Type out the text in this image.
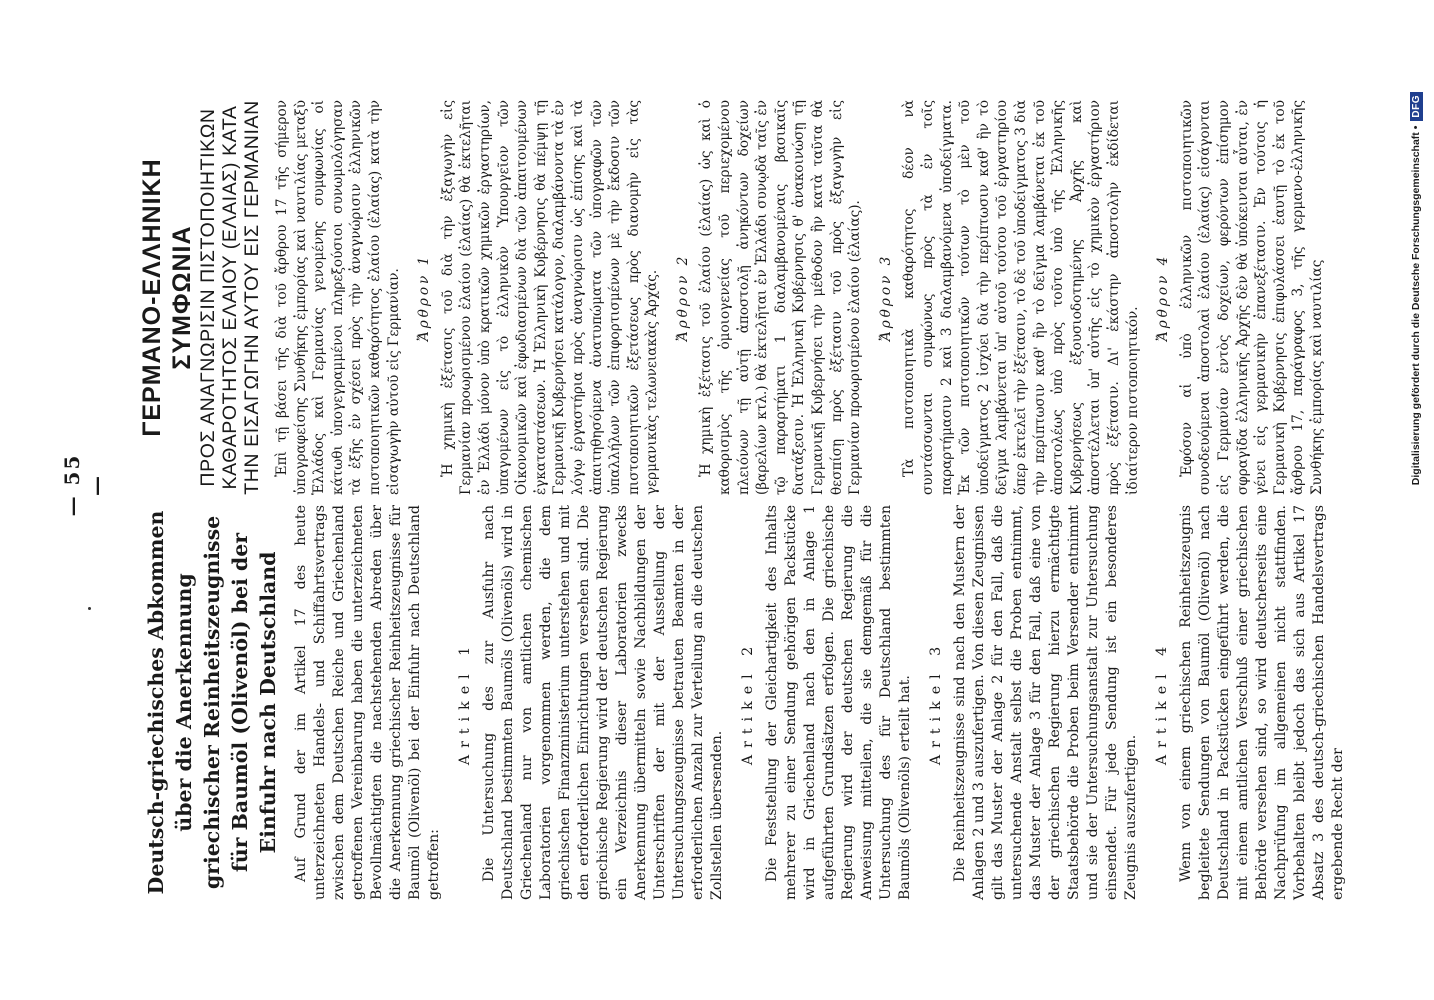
— 55 —
Deutsch-griechisches Abkommen über die Anerkennung griechischer Reinheitszeugnisse für Baumöl (Olivenöl) bei der Einfuhr nach Deutschland Auf Grund der im Artikel 17 des heute unterzeichneten Handels- und Schiffahrtsvertrags zwischen dem Deutschen Reiche und Griechenland getroffenen Vereinbarung haben die unterzeichneten Bevollmächtigten die nachstehenden Abreden über die Anerkennung griechischer Reinheitszeugnisse für Baumöl (Olivenöl) bei der Einfuhr nach Deutschland getroffen:

Artikel 1 Die Untersuchung des zur Ausfuhr nach Deutschland bestimmten Baumöls (Olivenöls) wird in Griechenland nur von amtlichen chemischen Laboratorien vorgenommen werden, die dem griechischen Finanzministerium unterstehen und mit den erforderlichen Einrichtungen versehen sind. Die griechische Regierung wird der deutschen Regierung ein Verzeichnis dieser Laboratorien zwecks Anerkennung übermitteln sowie Nachbildungen der Unterschriften der mit der Ausstellung der Untersuchungszeugnisse betrauten Beamten in der erforderlichen Anzahl zur Verteilung an die deutschen Zollstellen übersenden.

Artikel 2 Die Feststellung der Gleichartigkeit des Inhalts mehrerer zu einer Sendung gehörigen Packstücke wird in Griechenland nach den in Anlage 1 aufgeführten Grundsätzen erfolgen. Die griechische Regierung wird der deutschen Regierung die Anweisung mitteilen, die sie demgemäß für die Untersuchung des für Deutschland bestimmten Baumöls (Olivenöls) erteilt hat. Artikel 3 Die Reinheitszeugnisse sind nach den Mustern der Anlagen 2 und 3 auszufertigen. Von diesen Zeugnissen gilt das Muster der Anlage 2 für den Fall, daß die untersuchende Anstalt selbst die Proben entnimmt, das Muster der Anlage 3 für den Fall, daß eine von der griechischen Regierung hierzu ermächtigte Staatsbehörde die Proben beim Versender entnimmt und sie der Untersuchungsanstalt zur Untersuchung einsendet. Für jede Sendung ist ein besonderes Zeugnis auszufertigen.

Artikel 4 Wenn von einem griechischen Reinheitszeugnis begleitete Sendungen von Baumöl (Olivenöl) nach Deutschland in Packstücken eingeführt werden, die mit einem amtlichen Verschluß einer griechischen Behörde versehen sind, so wird deutscherseits eine Nachprüfung im allgemeinen nicht stattfinden. Vorbehalten bleibt jedoch das sich aus Artikel 17 Absatz 3 des deutsch-griechischen Handelsvertrags ergebende Recht der

ΓΕΡΜΑΝΟ-ΕΛΛΗΝΙΚΗ ΣΥΜΦΩΝΙΑ ΠΡΟΣ ΑΝΑΓΝΩΡΙΣΙΝ ΠΙΣΤΟΠΟΙΗΤΙΚΩΝ ΚΑΘΑΡΟΤΗΤΟΣ ΕΛΑΙΟΥ (ΕΛΑΙΑΣ) ΚΑΤΑ ΤΗΝ ΕΙΣΑΓΩΓΗΝ ΑΥΤΟΥ ΕΙΣ ΓΕΡΜΑΝΙΑΝ Ἐπὶ τῇ βάσει τῆς διὰ τοῦ ἄρθρου 17 τῆς σήμερον ὑπογραφείσης Συνθήκης ἐμπορίας καὶ ναυτιλίας μεταξὺ Ἑλλάδος καὶ Γερμανίας γενομένης συμφωνίας οἱ κάτωθι ὑπογεγραμμένοι πληρεξούσιοι συνωμολόγησαν τὰ ἑξῆς ἐν σχέσει πρὸς τὴν ἀναγνώρισιν ἑλληνικῶν πιστοποιητικῶν καθαρότητος ἐλαίου (ἐλαίας) κατὰ τὴν εἰσαγωγὴν αὐτοῦ εἰς Γερμανίαν. Ἄρθρον 1 Ἡ χημικὴ ἐξέτασις τοῦ διὰ τὴν ἐξαγωγὴν εἰς Γερμανίαν προωρισμένου ἐλαίου (ἐλαίας) θὰ ἐκτελῆται ἐν Ἑλλάδι μόνον ὑπὸ κρατικῶν χημικῶν ἐργαστηρίων, ὑπαγομένων εἰς τὸ ἑλληνικὸν Ὑπουργεῖον τῶν Οἰκονομικῶν καὶ ἐφωδιασμένων διὰ τῶν ἀπαιτουμένων ἐγκαταστάσεων. Ἡ Ἑλληνικὴ Κυβέρνησις θὰ πέμψῃ τῇ Γερμανικῇ Κυβερνήσει κατάλογον, διαλαμβάνοντα τὰ ἐν λόγῳ ἐργαστήρια πρὸς ἀναγνώρισιν ὡς ἐπίσης καὶ τὰ ἀπαιτηθησόμενα ἀνατυπώματα τῶν ὑπογραφῶν τῶν ὑπαλλήλων τῶν ἐπιφορτισμένων μὲ τὴν ἔκδοσιν τῶν πιστοποιητικῶν ἐξετάσεως πρὸς διανομὴν εἰς τὰς γερμανικὰς τελωνειακὰς Ἀρχάς. Ἄρθρον 2 Ἡ χημικὴ ἐξέτασις τοῦ ἐλαίου (ἐλαίας) ὡς καὶ ὁ καθορισμὸς τῆς ὁμοιογενείας τοῦ περιεχομένου πλειόνων τῇ αὐτῇ ἀποστολῇ ἀνηκόντων δοχείων (βαρελίων κτλ.) θὰ ἐκτελῆται ἐν Ἑλλάδι συνῳδὰ ταῖς ἐν τῷ παραρτήματι 1 διαλαμβανομέναις βασικαῖς διατάξεσιν. Ἡ Ἑλληνικὴ Κυβέρνησις θ' ἀνακοινώσῃ τῇ Γερμανικῇ Κυβερνήσει τὴν μέθοδον ἣν κατὰ ταῦτα θὰ θεσπίσῃ πρὸς ἐξέτασιν τοῦ πρὸς ἐξαγωγὴν εἰς Γερμανίαν προωρισμένου ἐλαίου (ἐλαίας). Ἄρθρον 3 Τὰ πιστοποιητικὰ καθαρότητος δέον νὰ συντάσσωνται συμφώνως πρὸς τὰ ἐν τοῖς παραρτήμασιν 2 καὶ 3 διαλαμβανόμενα ὑποδείγματα. Ἐκ τῶν πιστοποιητικῶν τούτων τὸ μὲν τοῦ ὑποδείγματος 2 ἰσχύει διὰ τὴν περίπτωσιν καθ' ἣν τὸ δεῖγμα λαμβάνεται ὑπ' αὐτοῦ τούτου τοῦ ἐργαστηρίου ὅπερ ἐκτελεῖ τὴν ἐξέτασιν, τὸ δὲ τοῦ ὑποδείγματος 3 διὰ τὴν περίπτωσιν καθ' ἣν τὸ δεῖγμα λαμβάνεται ἐκ τοῦ ἀποστολέως ὑπὸ πρὸς τοῦτο ὑπὸ τῆς Ἑλληνικῆς Κυβερνήσεως ἐξουσιοδοτημένης Ἀρχῆς καὶ ἀποστέλλεται ὑπ' αὐτῆς εἰς τὸ χημικὸν ἐργαστήριον πρὸς ἐξέτασιν. Δι' ἑκάστην ἀποστολὴν ἐκδίδεται ἰδιαίτερον πιστοποιητικόν.

Ἄρθρον 4 Ἐφόσον αἱ ὑπὸ ἑλληνικῶν πιστοποιητικῶν συνοδευόμεναι ἀποστολαὶ ἐλαίου (ἐλαίας) εἰσάγονται εἰς Γερμανίαν ἐντὸς δοχείων, φερόντων ἐπίσημον σφραγῖδα ἑλληνικῆς Ἀρχῆς δὲν θὰ ὑπόκεινται αὗται, ἐν γένει εἰς γερμανικὴν ἐπανεξέτασιν. Ἐν τούτοις ἡ Γερμανικὴ Κυβέρνησις ἐπιφυλάσσει ἑαυτῇ τὸ ἐκ τοῦ ἄρθρου 17, παράγραφος 3, τῆς γερμανο-ἑλληνικῆς Συνθήκης ἐμπορίας καὶ ναυτιλίας	Digitalisierung gefördert durch die Deutsche Forschungsgemeinschaft •
DFG
